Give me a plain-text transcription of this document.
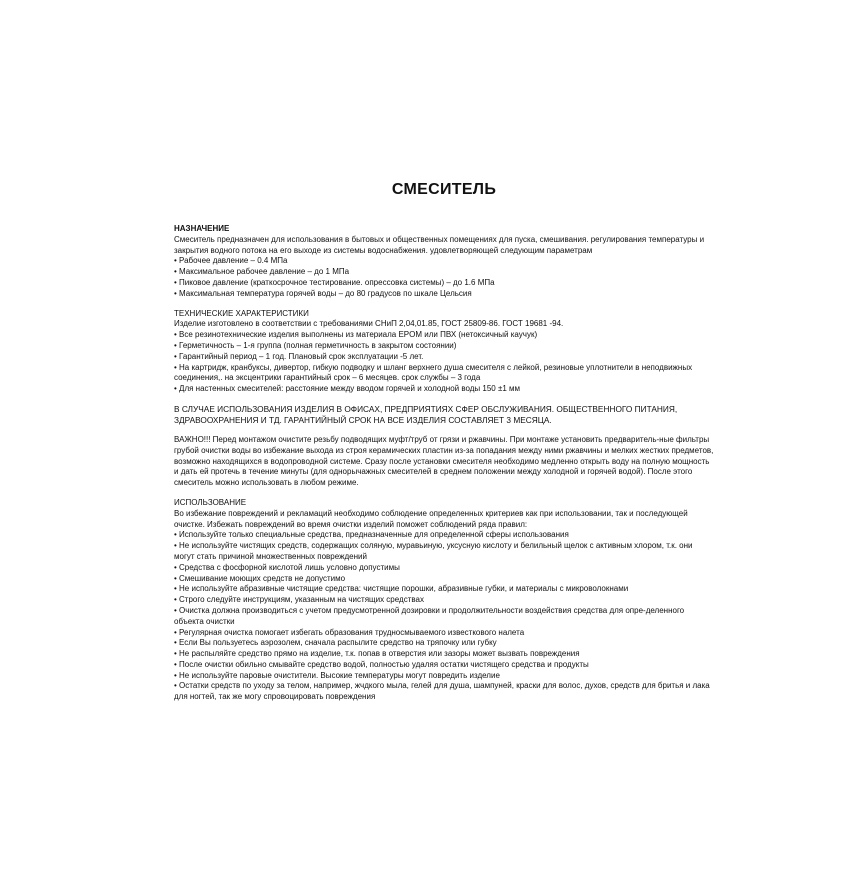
СМЕСИТЕЛЬ
НАЗНАЧЕНИЕ
Смеситель предназначен для использования в бытовых и общественных помещениях для пуска, смешивания. регулирования температуры и закрытия водного потока на его выходе из системы водоснабжения. удовлетворяющей следующим параметрам
• Рабочее давление – 0.4 МПа
• Максимальное рабочее давление – до 1 МПа
• Пиковое давление (краткосрочное тестирование. опрессовка системы) – до 1.6 МПа
• Максимальная температура горячей воды – до 80 градусов по шкале Цельсия
ТЕХНИЧЕСКИЕ ХАРАКТЕРИСТИКИ
Изделие изготовлено в соответствии с требованиями СНиП 2,04,01.85, ГОСТ 25809-86. ГОСТ 19681 -94.
• Все резинотехнические изделия выполнены из материала EPOM или ПВХ (нетоксичный каучук)
• Герметичность – 1-я группа (полная герметичность в закрытом состоянии)
• Гарантийный период – 1 год. Плановый срок эксплуатации -5 лет.
• На картридж, кранбуксы, дивертор, гибкую подводку и шланг верхнего душа смесителя с лейкой, резиновые уплотнители в неподвижных соединения,. на эксцентрики гарантийный срок – 6 месяцев. срок службы – 3 года
• Для настенных смесителей: расстояние между вводом горячей и холодной воды 150 ±1 мм
В СЛУЧАЕ ИСПОЛЬЗОВАНИЯ ИЗДЕЛИЯ В ОФИСАХ, ПРЕДПРИЯТИЯХ СФЕР ОБСЛУЖИВАНИЯ. ОБЩЕСТВЕННОГО ПИТАНИЯ, ЗДРАВООХРАНЕНИЯ И ТД. ГАРАНТИЙНЫЙ СРОК НА ВСЕ ИЗДЕЛИЯ СОСТАВЛЯЕТ 3 МЕСЯЦА.
ВАЖНО!!! Перед монтажом очистите резьбу подводящих муфт/труб от грязи и ржавчины. При монтаже установить предваритель-ные фильтры грубой очистки воды во избежание выхода из строя керамических пластин из-за попадания между ними ржавчины и мелких жестких предметов, возможно находящихся в водопроводной системе. Сразу после установки смесителя необходимо медленно открыть воду на полную мощность и дать ей протечь в течение минуты (для однорычажных смесителей в среднем положении между холодной и горячей водой). После этого смеситель можно использовать в любом режиме.
ИСПОЛЬЗОВАНИЕ
Во избежание повреждений и рекламаций необходимо соблюдение определенных критериев как при использовании, так и последующей очистке. Избежать повреждений во время очистки изделий поможет соблюдений ряда правил:
• Используйте только специальные средства, предназначенные для определенной сферы использования
• Не используйте чистящих средств, содержащих соляную, муравьиную, уксусную кислоту и белильный щелок с активным хлором, т.к. они могут стать причиной множественных повреждений
• Средства с фосфорной кислотой лишь условно допустимы
• Смешивание моющих средств не допустимо
• Не используйте абразивные чистящие средства: чистящие порошки, абразивные губки, и материалы с микроволокнами
• Строго следуйте инструкциям, указанным на чистящих средствах
• Очистка должна производиться с учетом предусмотренной дозировки и продолжительности воздействия средства для опре-деленного объекта очистки
• Регулярная очистка помогает избегать образования трудносмываемого известкового налета
• Если Вы пользуетесь аэрозолем, сначала распылите средство на тряпочку или губку
• Не распыляйте средство прямо на изделие, т.к. попав в отверстия или зазоры может вызвать повреждения
• После очистки обильно смывайте средство водой, полностью удаляя остатки чистящего средства и продукты
• Не используйте паровые очистители. Высокие температуры могут повредить изделие
• Остатки средств по уходу за телом, например, жчдкого мыла, гелей для душа, шампуней, краски для волос, духов, средств для бритья и лака для ногтей, так же могу спровоцировать повреждения
